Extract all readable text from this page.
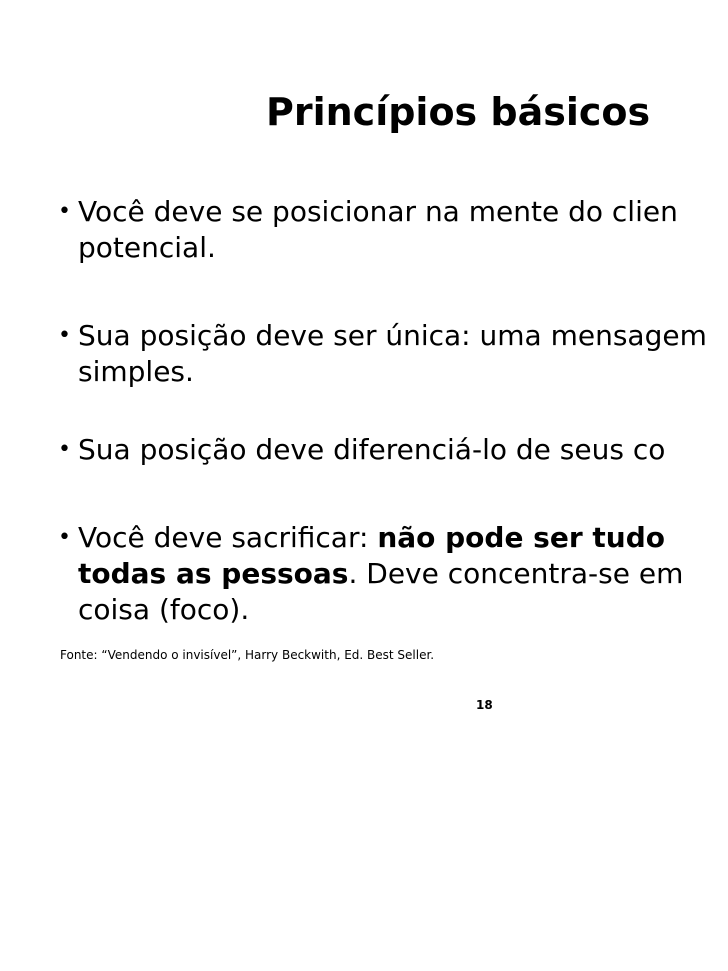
Princípios básicos
• Você deve se posicionar na mente do clien
potencial.
• Sua posição deve ser única: uma mensagem
simples.
• Sua posição deve diferenciá-lo de seus co
• Você deve sacrificar: não pode ser tudo
todas as pessoas. Deve concentra-se em
coisa (foco).
Fonte: “Vendendo o invisível”, Harry Beckwith, Ed. Best Seller.
18
